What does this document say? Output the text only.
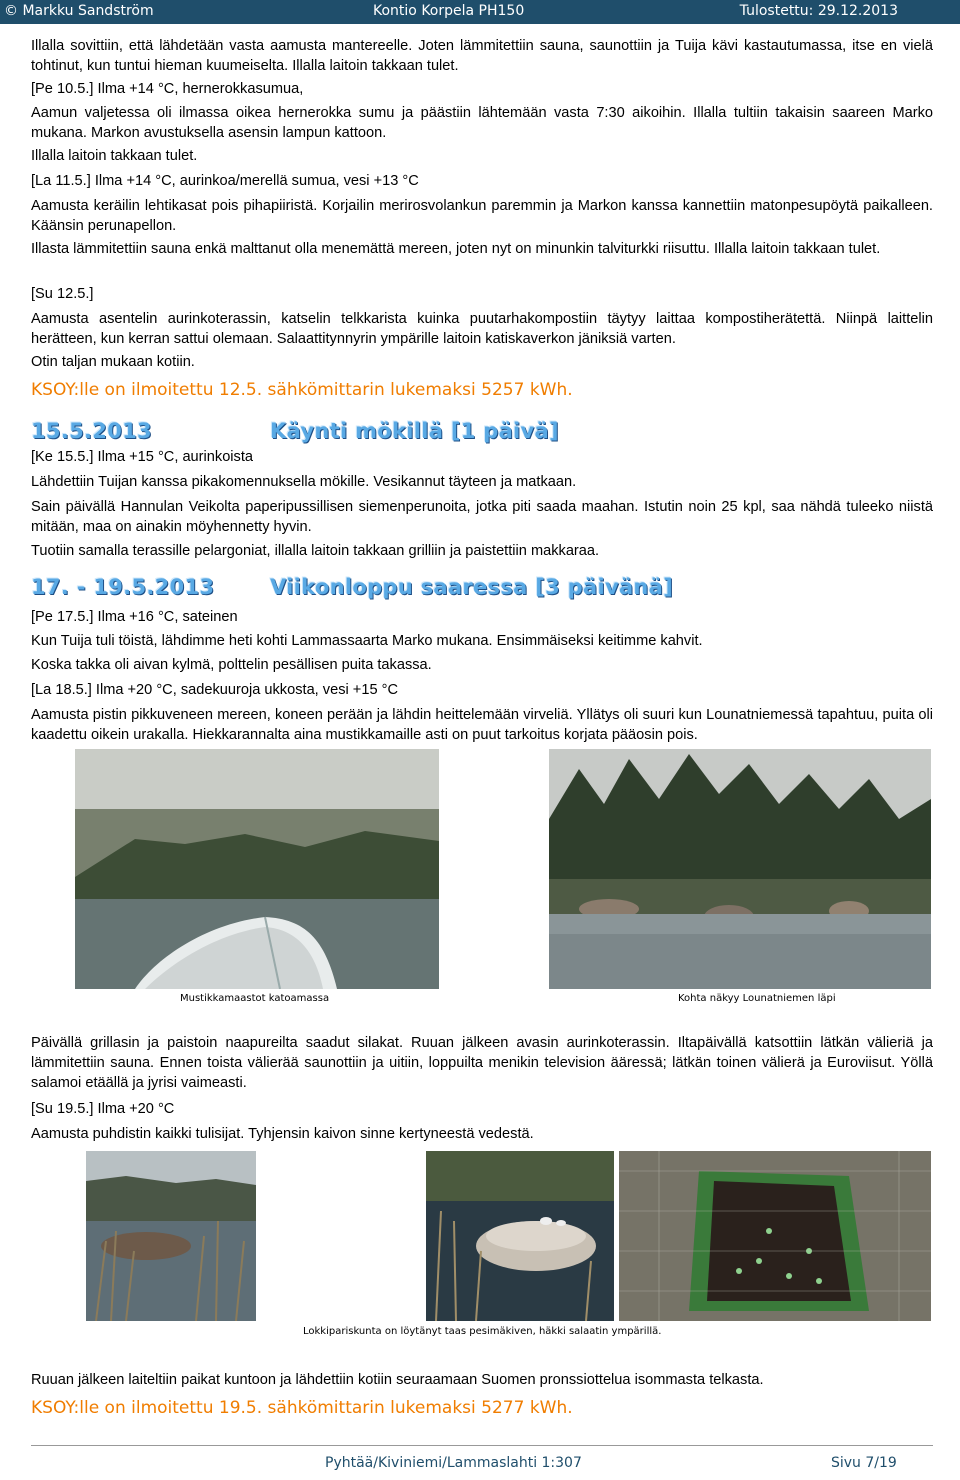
© Markku Sandström	Kontio Korpela PH150	Tulostettu: 29.12.2013

Illalla sovittiin, että lähdetään vasta aamusta mantereelle. Joten lämmitettiin sauna, saunottiin ja Tuija kävi kastautumassa, itse en vielä tohtinut, kun tuntui hieman kuumeiselta. Illalla laitoin takkaan tulet.

[Pe 10.5.] Ilma +14 °C, hernerokkasumua,

Aamun valjetessa oli ilmassa oikea hernerokka sumu ja päästiin lähtemään vasta 7:30 aikoihin. Illalla tultiin takaisin saareen Marko mukana. Markon avustuksella asensin lampun kattoon.

Illalla laitoin takkaan tulet.

[La 11.5.] Ilma +14 °C, aurinkoa/merellä sumua, vesi +13 °C

Aamusta keräilin lehtikasat pois pihapiiristä. Korjailin merirosvolankun paremmin ja Markon kanssa kannettiin matonpesupöytä paikalleen. Käänsin perunapellon.

Illasta lämmitettiin sauna enkä malttanut olla menemättä mereen, joten nyt on minunkin talviturkki riisuttu. Illalla laitoin takkaan tulet.

[Su 12.5.]

Aamusta asentelin aurinkoterassin, katselin telkkarista kuinka puutarhakompostiin täytyy laittaa kompostiherätettä. Niinpä laittelin herätteen, kun kerran sattui olemaan. Salaattitynnyrin ympärille laitoin katiskaverkon jäniksiä varten.

Otin taljan mukaan kotiin.

KSOY:lle on ilmoitettu 12.5. sähkömittarin lukemaksi 5257 kWh.
15.5.2013	Käynti mökillä [1 päivä]

[Ke 15.5.] Ilma +15 °C, aurinkoista

Lähdettiin Tuijan kanssa pikakomennuksella mökille. Vesikannut täyteen ja matkaan.

Sain päivällä Hannulan Veikolta paperipussillisen siemenperunoita, jotka piti saada maahan. Istutin noin 25 kpl, saa nähdä tuleeko niistä mitään, maa on ainakin möyhennetty hyvin.

Tuotiin samalla terassille pelargoniat, illalla laitoin takkaan grilliin ja paistettiin makkaraa.

17. - 19.5.2013	Viikonloppu saaressa [3 päivänä]

[Pe 17.5.] Ilma +16 °C, sateinen

Kun Tuija tuli töistä, lähdimme heti kohti Lammassaarta Marko mukana. Ensimmäiseksi keitimme kahvit.

Koska takka oli aivan kylmä, polttelin pesällisen puita takassa.

[La 18.5.] Ilma +20 °C, sadekuuroja ukkosta, vesi +15 °C

Aamusta pistin pikkuveneen mereen, koneen perään ja lähdin heittelemään virveliä. Yllätys oli suuri kun Lounatniemessä tapahtuu, puita oli kaadettu oikein urakalla. Hiekkarannalta aina mustikkamaille asti on puut tarkoitus korjata pääosin pois.

Mustikkamaastot katoamassa	Kohta näkyy Lounatniemen läpi

Päivällä grillasin ja paistoin naapureilta saadut silakat. Ruuan jälkeen avasin aurinkoterassin. Iltapäivällä katsottiin lätkän välieriä ja lämmitettiin sauna. Ennen toista välierää saunottiin ja uitiin, loppuilta menikin television ääressä; lätkän toinen välierä ja Euroviisut. Yöllä salamoi etäällä ja jyrisi vaimeasti.

[Su 19.5.] Ilma +20 °C

Aamusta puhdistin kaikki tulisijat. Tyhjensin kaivon sinne kertyneestä vedestä.

Lokkipariskunta on löytänyt taas pesimäkiven, häkki salaatin ympärillä.

Ruuan jälkeen laiteltiin paikat kuntoon ja lähdettiin kotiin seuraamaan Suomen pronssiottelua isommasta telkasta.

KSOY:lle on ilmoitettu 19.5. sähkömittarin lukemaksi 5277 kWh.
Pyhtää/Kiviniemi/Lammaslahti 1:307	Sivu 7/19
